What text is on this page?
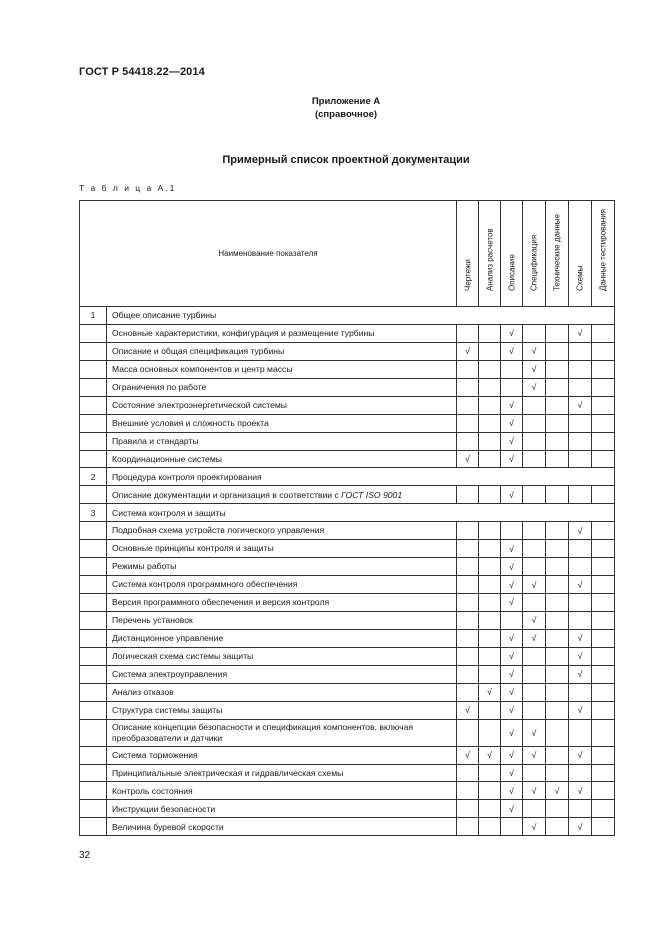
ГОСТ Р 54418.22—2014
Приложение А
(справочное)
Примерный список проектной документации
Т а б л и ц а А.1
Наименование показателя		Чертежи	Анализ расчетов	Описание	Спецификация	Технические данные	Схемы	Данные тестирования

1	Общее описание турбины							
	Основные характеристики, конфигурация и размещение турбины			√			√	
	Описание и общая спецификация турбины	√		√	√			
	Масса основных компонентов и центр массы				√			
	Ограничения по работе				√			
	Состояние электроэнергетической системы			√			√	
	Внешние условия и сложность проекта			√				
	Правила и стандарты			√				
	Координационные системы	√		√				
2	Процедура контроля проектирования							
	Описание документации и организация в соответствии с ГОСТ ISO 9001			√				
3	Система контроля и защиты							
	Подробная схема устройств логического управления						√	
	Основные принципы контроля и защиты			√				
	Режимы работы			√				
	Система контроля программного обеспечения			√	√		√	
	Версия программного обеспечения и версия контроля			√				
	Перечень установок				√			
	Дистанционное управление			√	√		√	
	Логическая схема системы защиты			√			√	
	Система электроуправления			√			√	
	Анализ отказов		√	√				
	Структура системы защиты	√		√			√	
	Описание концепции безопасности и спецификация компонентов, включая преобразователи и датчики			√	√			
	Система торможения	√	√	√	√		√	
	Принципиальные электрическая и гидравлическая схемы			√				
	Контроль состояния			√	√	√	√	
	Инструкции безопасности			√				
	Величина буревой скорости				√		√	
32
